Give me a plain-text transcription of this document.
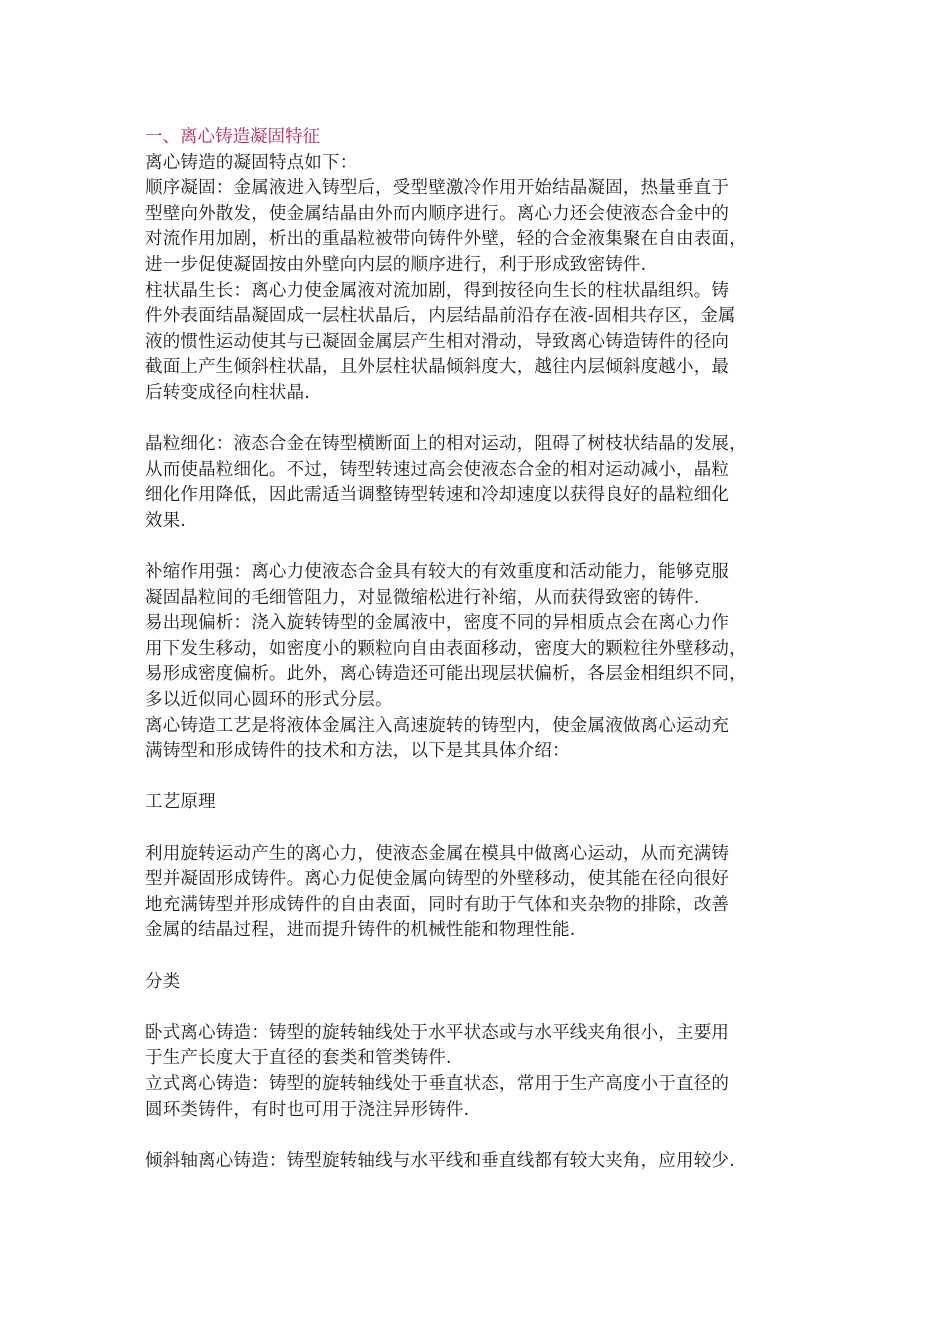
一、离心铸造凝固特征

离心铸造的凝固特点如下：

顺序凝固：金属液进入铸型后，受型壁激冷作用开始结晶凝固，热量垂直于

型壁向外散发，使金属结晶由外而内顺序进行。离心力还会使液态合金中的

对流作用加剧，析出的重晶粒被带向铸件外壁，轻的合金液集聚在自由表面，

进一步促使凝固按由外壁向内层的顺序进行，利于形成致密铸件.

柱状晶生长：离心力使金属液对流加剧，得到按径向生长的柱状晶组织。铸

件外表面结晶凝固成一层柱状晶后，内层结晶前沿存在液-固相共存区，金属

液的惯性运动使其与已凝固金属层产生相对滑动，导致离心铸造铸件的径向

截面上产生倾斜柱状晶，且外层柱状晶倾斜度大，越往内层倾斜度越小，最

后转变成径向柱状晶.

晶粒细化：液态合金在铸型横断面上的相对运动，阻碍了树枝状结晶的发展，

从而使晶粒细化。不过，铸型转速过高会使液态合金的相对运动减小，晶粒

细化作用降低，因此需适当调整铸型转速和冷却速度以获得良好的晶粒细化

效果.

补缩作用强：离心力使液态合金具有较大的有效重度和活动能力，能够克服

凝固晶粒间的毛细管阻力，对显微缩松进行补缩，从而获得致密的铸件.

易出现偏析：浇入旋转铸型的金属液中，密度不同的异相质点会在离心力作

用下发生移动，如密度小的颗粒向自由表面移动，密度大的颗粒往外壁移动，

易形成密度偏析。此外，离心铸造还可能出现层状偏析，各层金相组织不同，

多以近似同心圆环的形式分层。

离心铸造工艺是将液体金属注入高速旋转的铸型内，使金属液做离心运动充

满铸型和形成铸件的技术和方法，以下是其具体介绍：

工艺原理

利用旋转运动产生的离心力，使液态金属在模具中做离心运动，从而充满铸

型并凝固形成铸件。离心力促使金属向铸型的外壁移动，使其能在径向很好

地充满铸型并形成铸件的自由表面，同时有助于气体和夹杂物的排除，改善

金属的结晶过程，进而提升铸件的机械性能和物理性能.

分类

卧式离心铸造：铸型的旋转轴线处于水平状态或与水平线夹角很小，主要用

于生产长度大于直径的套类和管类铸件.

立式离心铸造：铸型的旋转轴线处于垂直状态，常用于生产高度小于直径的

圆环类铸件，有时也可用于浇注异形铸件.

倾斜轴离心铸造：铸型旋转轴线与水平线和垂直线都有较大夹角，应用较少.
